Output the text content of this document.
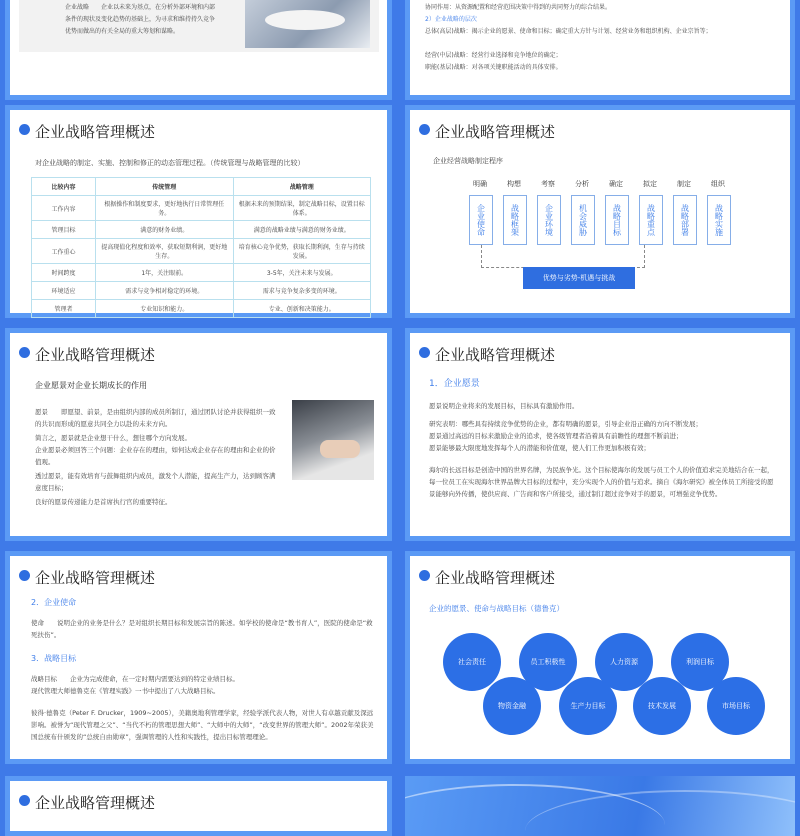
企业战略　　企业以未来为基点，在分析外部环境和内部条件的现状及变化趋势的基础上，为寻求和维持持久竞争优势而做出的有关全局的重大筹划和谋略。
协同作用：从资源配置和经营范围决策中得到的共同努力的综合结果。
2）企业战略的层次
总体(高层)战略：揭示企业的愿景、使命和目标；确定重大方针与计划、经营业务和组织机构、企业宗旨等；
经营(中层)战略：经营行业选择和竞争地位的确定；
职能(基层)战略：对各项关键职能活动的具体安排。
企业战略管理概述
对企业战略的制定、实施、控制和修正的动态管理过程。（传统管理与战略管理的比较）
比较内容	传统管理	战略管理
工作内容	根据操作和制度要求，更好地执行日常管理任务。	根据未来的预期结果，制定战略目标，设置目标体系。
管理目标	满意的财务业绩。	满意的战略业绩与满意的财务业绩。
工作重心	提高现值化程度和效率，获取短期利润，更好地生存。	培育核心竞争优势，获取长期利润，生存与持续发展。
时间跨度	1年，关注眼前。	3-5年，关注未来与发展。
环境适应	需求与竞争相对稳定的环境。	需求与竞争复杂多变的环境。
管理者	专业知识和能力。	专业、创新和决策能力。
企业战略管理概述
企业经营战略制定程序
明确	构想	考察	分析	确定	拟定	制定	组织
企业使命	战略框架	企业环境	机会威胁	战略目标	战略重点	战略部署	战略实施
优势与劣势-机遇与挑战
企业战略管理概述
企业愿景对企业长期成长的作用
愿景　　即愿望、前景，是由组织内部的成员所制订，通过团队讨论并获得组织一致的共识而形成的愿意共同全力以赴的未来方向。
简言之，愿景就是企业想干什么，想往哪个方向发展。
企业愿景必须回答三个问题：企业存在的理由，如何达成企业存在的理由和企业的价值观。
透过愿景，能有效培育与鼓舞组织内成员，激发个人潜能，提高生产力，达到顾客满意度目标；
良好的愿景传递能力是首席执行官的重要特征。
企业战略管理概述
1．企业愿景
愿景说明企业将来的发展目标，目标具有激励作用。
研究表明：哪些具有持续竞争优势的企业，都有明确的愿景，引导企业沿正确的方向不断发展；
愿景通过高远的目标来激励企业的追求，使各级管理者沿着具有前瞻性的理想不断前进；
愿景能够最大限度地发挥每个人的潜能和价值观，使人们工作更加积极有效；
海尔的长远目标是创造中国的世界名牌，为民族争光。这个目标使海尔的发展与员工个人的价值追求完美地结合在一起，每一位员工在实现海尔世界品牌大目标的过程中，充分实现个人的价值与追求。摘自《海尔研究》被全体员工所接受的愿景能够向外传播，使供应商、广告商和客户所接受，通过制订超过竞争对手的愿景，可增强竞争优势。
企业战略管理概述
2．企业使命
使命　　说明企业的业务是什么？是对组织长期目标和发展宗旨的陈述。如学校的使命是“教书育人”，医院的使命是“救死扶伤”。
3．战略目标
战略目标　　企业为完成使命，在一定时期内需要达到的特定业绩目标。
现代管理大师德鲁克在《管理实践》一书中提出了八大战略目标。
彼得·德鲁克（Peter F. Drucker，1909~2005），美籍奥地利管理学家，经验学派代表人物，对世人有卓越贡献及深远影响。被誉为“现代管理之父”、“当代不朽的管理思想大师”、“大师中的大师”，“改变世界的管理大师”。2002年荣获美国总统布什颁发的“总统自由勋章”，强调管理的人性和实践性，提出目标管理理论。
企业战略管理概述
企业的愿景、使命与战略目标（德鲁克）
社会责任	员工积极性	人力资源	利润目标
物资金融	生产力目标	技术发展	市场目标
企业战略管理概述
